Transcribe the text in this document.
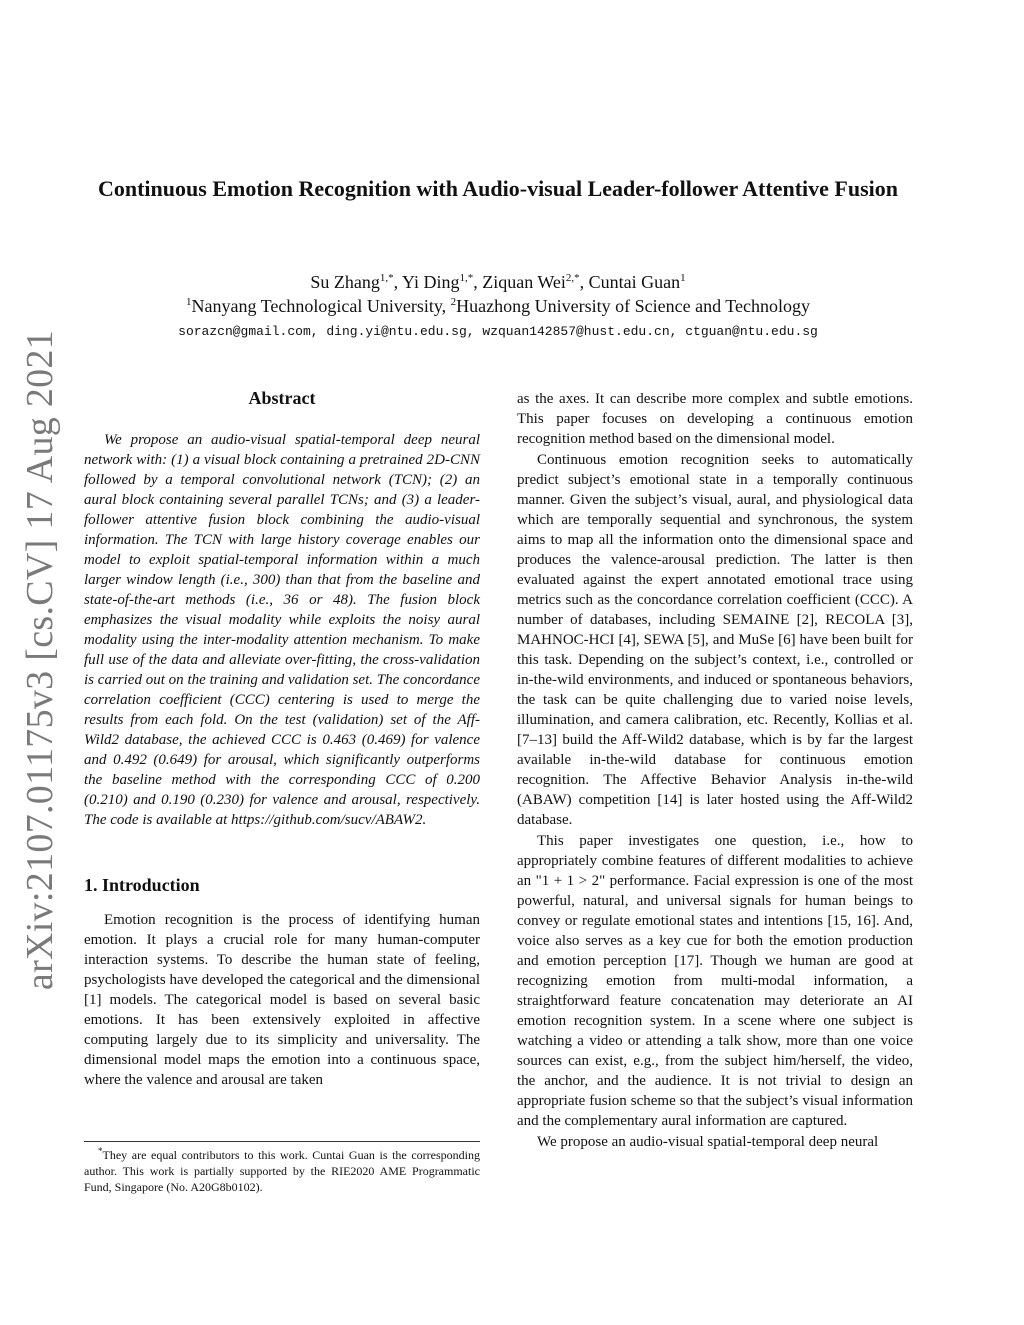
arXiv:2107.01175v3 [cs.CV] 17 Aug 2021
Continuous Emotion Recognition with Audio-visual Leader-follower Attentive Fusion

Su Zhang$^{1,*}$, Yi Ding$^{1,*}$, Ziquan Wei$^{2,*}$, Cuntai Guan$^1$

$^1$Nanyang Technological University, $^2$Huazhong University of Science and Technology

sorazcn@gmail.com, ding.yi@ntu.edu.sg, wzquan142857@hust.edu.cn, ctguan@ntu.edu.sg

Abstract

We propose an audio-visual spatial-temporal deep neural network with: (1) a visual block containing a pretrained 2D-CNN followed by a temporal convolutional network (TCN); (2) an aural block containing several parallel TCNs; and (3) a leader-follower attentive fusion block combining the audio-visual information. The TCN with large history coverage enables our model to exploit spatial-temporal information within a much larger window length (i.e., 300) than that from the baseline and state-of-the-art methods (i.e., 36 or 48). The fusion block emphasizes the visual modality while exploits the noisy aural modality using the inter-modality attention mechanism. To make full use of the data and alleviate over-fitting, the cross-validation is carried out on the training and validation set. The concordance correlation coefficient (CCC) centering is used to merge the results from each fold. On the test (validation) set of the Aff-Wild2 database, the achieved CCC is 0.463 (0.469) for valence and 0.492 (0.649) for arousal, which significantly outperforms the baseline method with the corresponding CCC of 0.200 (0.210) and 0.190 (0.230) for valence and arousal, respectively. The code is available at https://github.com/sucv/ABAW2.

1. Introduction

Emotion recognition is the process of identifying human emotion. It plays a crucial role for many human-computer interaction systems. To describe the human state of feeling, psychologists have developed the categorical and the dimensional [1] models. The categorical model is based on several basic emotions. It has been extensively exploited in affective computing largely due to its simplicity and universality. The dimensional model maps the emotion into a continuous space, where the valence and arousal are taken

as the axes. It can describe more complex and subtle emotions. This paper focuses on developing a continuous emotion recognition method based on the dimensional model.

Continuous emotion recognition seeks to automatically predict subject’s emotional state in a temporally continuous manner. Given the subject’s visual, aural, and physiological data which are temporally sequential and synchronous, the system aims to map all the information onto the dimensional space and produces the valence-arousal prediction. The latter is then evaluated against the expert annotated emotional trace using metrics such as the concordance correlation coefficient (CCC). A number of databases, including SEMAINE [2], RECOLA [3], MAHNOC-HCI [4], SEWA [5], and MuSe [6] have been built for this task. Depending on the subject’s context, i.e., controlled or in-the-wild environments, and induced or spontaneous behaviors, the task can be quite challenging due to varied noise levels, illumination, and camera calibration, etc. Recently, Kollias et al. [7–13] build the Aff-Wild2 database, which is by far the largest available in-the-wild database for continuous emotion recognition. The Affective Behavior Analysis in-the-wild (ABAW) competition [14] is later hosted using the Aff-Wild2 database.

This paper investigates one question, i.e., how to appropriately combine features of different modalities to achieve an "1 + 1 > 2" performance. Facial expression is one of the most powerful, natural, and universal signals for human beings to convey or regulate emotional states and intentions [15, 16]. And, voice also serves as a key cue for both the emotion production and emotion perception [17]. Though we human are good at recognizing emotion from multi-modal information, a straightforward feature concatenation may deteriorate an AI emotion recognition system. In a scene where one subject is watching a video or attending a talk show, more than one voice sources can exist, e.g., from the subject him/herself, the video, the anchor, and the audience. It is not trivial to design an appropriate fusion scheme so that the subject’s visual information and the complementary aural information are captured.

We propose an audio-visual spatial-temporal deep neural

*They are equal contributors to this work. Cuntai Guan is the corresponding author. This work is partially supported by the RIE2020 AME Programmatic Fund, Singapore (No. A20G8b0102).
